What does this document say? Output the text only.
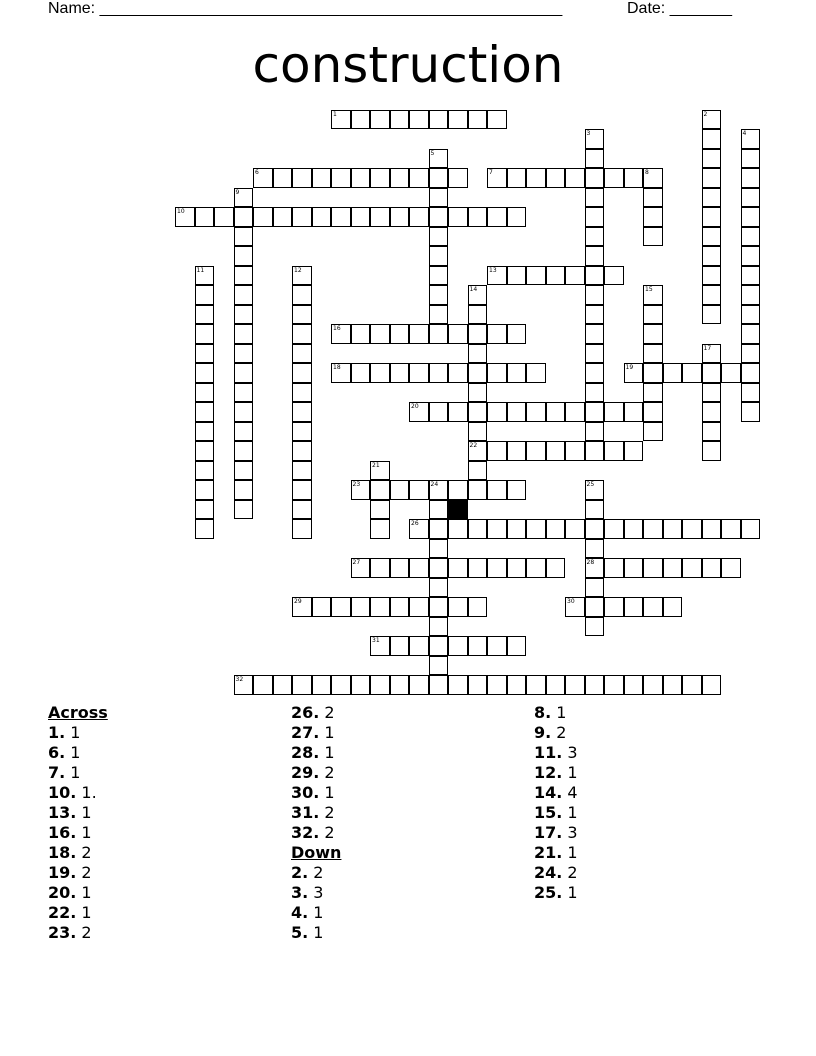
Name: ____________________________________________________	Date: _______
construction
1
6	7	8
10
13
16
18	19
20
22
23	24
26
27	28
29	30
31
32
2
3	4
5
9
11	12
14	15
17
21
25
Across
1. 1
6. 1
7. 1
10. 1.
13. 1
16. 1
18. 2
19. 2
20. 1
22. 1
23. 2
26. 2
27. 1
28. 1
29. 2
30. 1
31. 2
32. 2
Down
2. 2
3. 3
4. 1
5. 1
8. 1
9. 2
11. 3
12. 1
14. 4
15. 1
17. 3
21. 1
24. 2
25. 1
